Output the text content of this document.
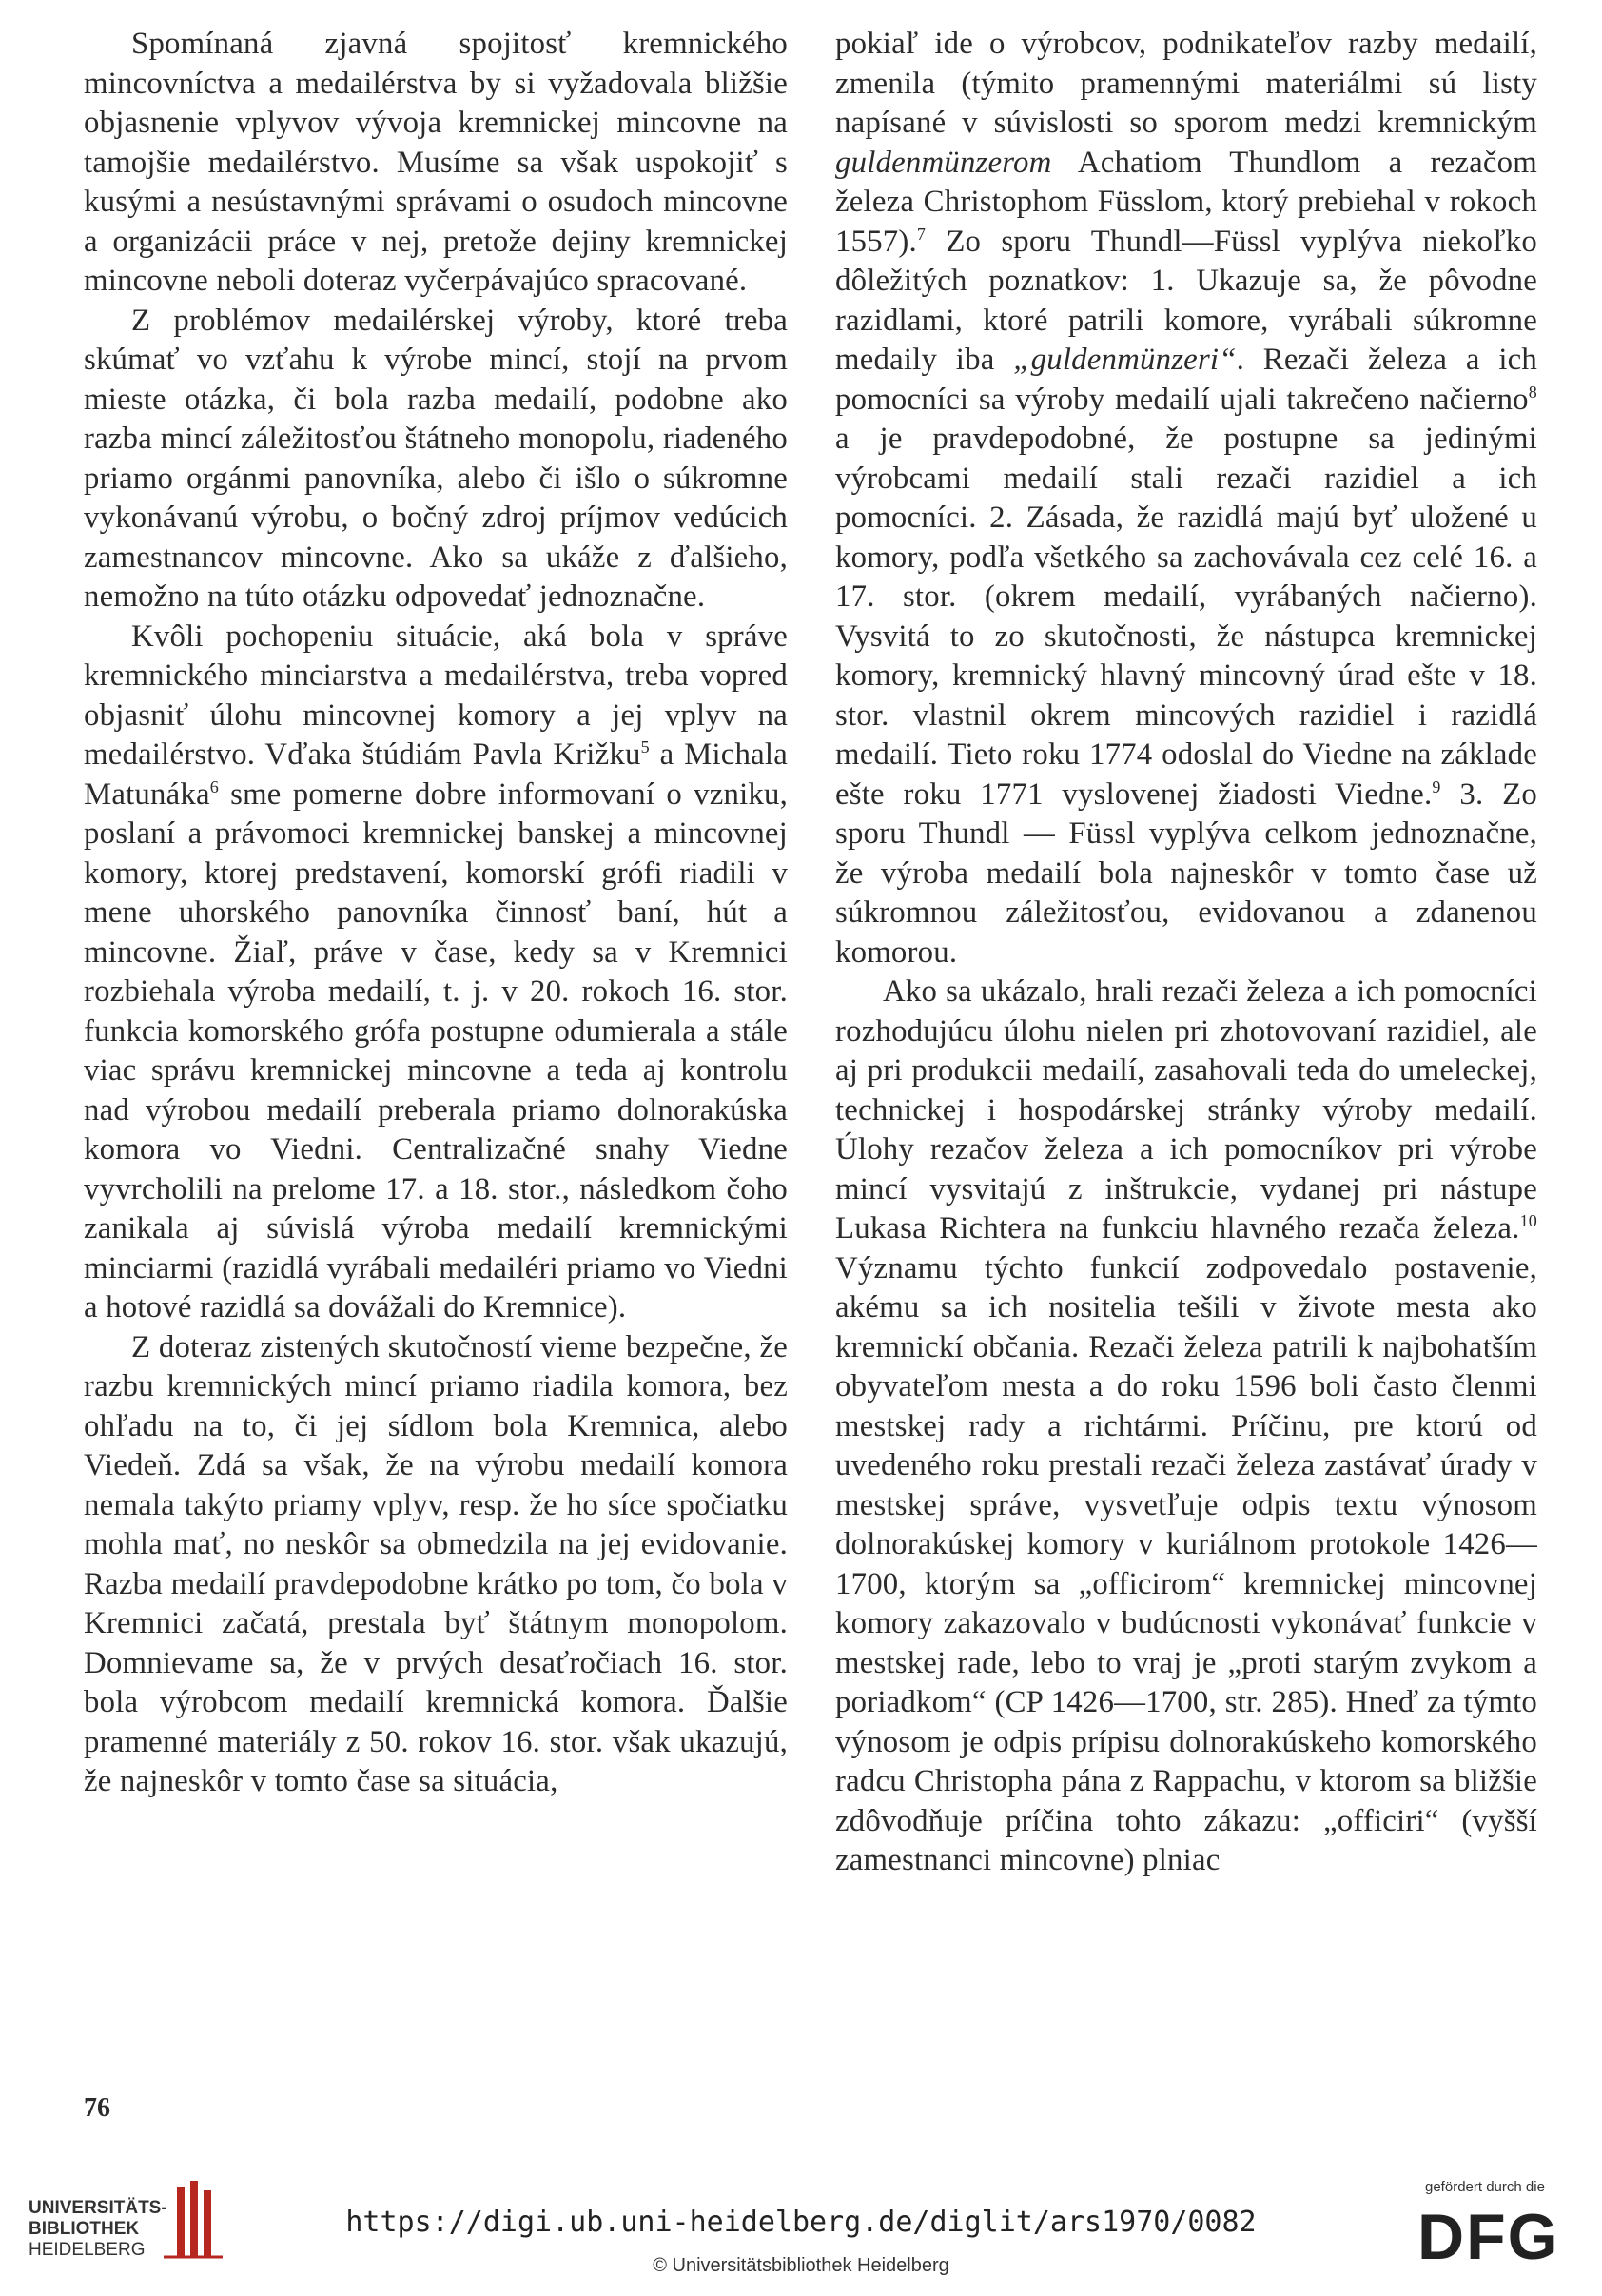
Spomínaná zjavná spojitosť kremnického mincovníctva a medailérstva by si vyžadovala bližšie objasnenie vplyvov vývoja kremnickej mincovne na tamojšie medailérstvo. Musíme sa však uspokojiť s kusými a nesústavnými správami o osudoch mincovne a organizácii práce v nej, pretože dejiny kremnickej mincovne neboli doteraz vyčerpávajúco spracované.

Z problémov medailérskej výroby, ktoré treba skúmať vo vzťahu k výrobe mincí, stojí na prvom mieste otázka, či bola razba medailí, podobne ako razba mincí záležitosťou štátneho monopolu, riadeného priamo orgánmi panovníka, alebo či išlo o súkromne vykonávanú výrobu, o bočný zdroj príjmov vedúcich zamestnancov mincovne. Ako sa ukáže z ďalšieho, nemožno na túto otázku odpovedať jednoznačne.

Kvôli pochopeniu situácie, aká bola v správe kremnického minciarstva a medailérstva, treba vopred objasniť úlohu mincovnej komory a jej vplyv na medailérstvo. Vďaka štúdiám Pavla Križku$^5$ a Michala Matunáka$^6$ sme pomerne dobre informovaní o vzniku, poslaní a právomoci kremnickej banskej a mincovnej komory, ktorej predstavení, komorskí grófi riadili v mene uhorského panovníka činnosť baní, hút a mincovne. Žiaľ, práve v čase, kedy sa v Kremnici rozbiehala výroba medailí, t. j. v 20. rokoch 16. stor. funkcia komorského grófa postupne odumierala a stále viac správu kremnickej mincovne a teda aj kontrolu nad výrobou medailí preberala priamo dolnorakúska komora vo Viedni. Centralizačné snahy Viedne vyvrcholili na prelome 17. a 18. stor., následkom čoho zanikala aj súvislá výroba medailí kremnickými minciarmi (razidlá vyrábali medailéri priamo vo Viedni a hotové razidlá sa dovážali do Kremnice).

Z doteraz zistených skutočností vieme bezpečne, že razbu kremnických mincí priamo riadila komora, bez ohľadu na to, či jej sídlom bola Kremnica, alebo Viedeň. Zdá sa však, že na výrobu medailí komora nemala takýto priamy vplyv, resp. že ho síce spočiatku mohla mať, no neskôr sa obmedzila na jej evidovanie. Razba medailí pravdepodobne krátko po tom, čo bola v Kremnici začatá, prestala byť štátnym monopolom. Domnievame sa, že v prvých desaťročiach 16. stor. bola výrobcom medailí kremnická komora. Ďalšie pramenné materiály z 50. rokov 16. stor. však ukazujú, že najneskôr v tomto čase sa situácia,

pokiaľ ide o výrobcov, podnikateľov razby medailí, zmenila (týmito pramennými materiálmi sú listy napísané v súvislosti so sporom medzi kremnickým guldenmünzerom Achatiom Thundlom a rezačom železa Christophom Füsslom, ktorý prebiehal v rokoch 1557).$^7$ Zo sporu Thundl—Füssl vyplýva niekoľko dôležitých poznatkov: 1. Ukazuje sa, že pôvodne razidlami, ktoré patrili komore, vyrábali súkromne medaily iba „guldenmünzeri“. Rezači železa a ich pomocníci sa výroby medailí ujali takrečeno načierno$^8$ a je pravdepodobné, že postupne sa jedinými výrobcami medailí stali rezači razidiel a ich pomocníci. 2. Zásada, že razidlá majú byť uložené u komory, podľa všetkého sa zachovávala cez celé 16. a 17. stor. (okrem medailí, vyrábaných načierno). Vysvitá to zo skutočnosti, že nástupca kremnickej komory, kremnický hlavný mincovný úrad ešte v 18. stor. vlastnil okrem mincových razidiel i razidlá medailí. Tieto roku 1774 odoslal do Viedne na základe ešte roku 1771 vyslovenej žiadosti Viedne.$^9$ 3. Zo sporu Thundl — Füssl vyplýva celkom jednoznačne, že výroba medailí bola najneskôr v tomto čase už súkromnou záležitosťou, evidovanou a zdanenou komorou.

Ako sa ukázalo, hrali rezači železa a ich pomocníci rozhodujúcu úlohu nielen pri zhotovovaní razidiel, ale aj pri produkcii medailí, zasahovali teda do umeleckej, technickej i hospodárskej stránky výroby medailí. Úlohy rezačov železa a ich pomocníkov pri výrobe mincí vysvitajú z inštrukcie, vydanej pri nástupe Lukasa Richtera na funkciu hlavného rezača železa.$^{10}$ Významu týchto funkcií zodpovedalo postavenie, akému sa ich nositelia tešili v živote mesta ako kremnickí občania. Rezači železa patrili k najbohatším obyvateľom mesta a do roku 1596 boli často členmi mestskej rady a richtármi. Príčinu, pre ktorú od uvedeného roku prestali rezači železa zastávať úrady v mestskej správe, vysvetľuje odpis textu výnosom dolnorakúskej komory v kuriálnom protokole 1426—1700, ktorým sa „officirom“ kremnickej mincovnej komory zakazovalo v budúcnosti vykonávať funkcie v mestskej rade, lebo to vraj je „proti starým zvykom a poriadkom“ (CP 1426—1700, str. 285). Hneď za týmto výnosom je odpis prípisu dolnorakúskeho komorského radcu Christopha pána z Rappachu, v ktorom sa bližšie zdôvodňuje príčina tohto zákazu: „officiri“ (vyšší zamestnanci mincovne) plniac

76
UNIVERSITÄTS-
BIBLIOTHEK
HEIDELBERG
https://digi.ub.uni-heidelberg.de/diglit/ars1970/0082
© Universitätsbibliothek Heidelberg
gefördert durch die
DFG
